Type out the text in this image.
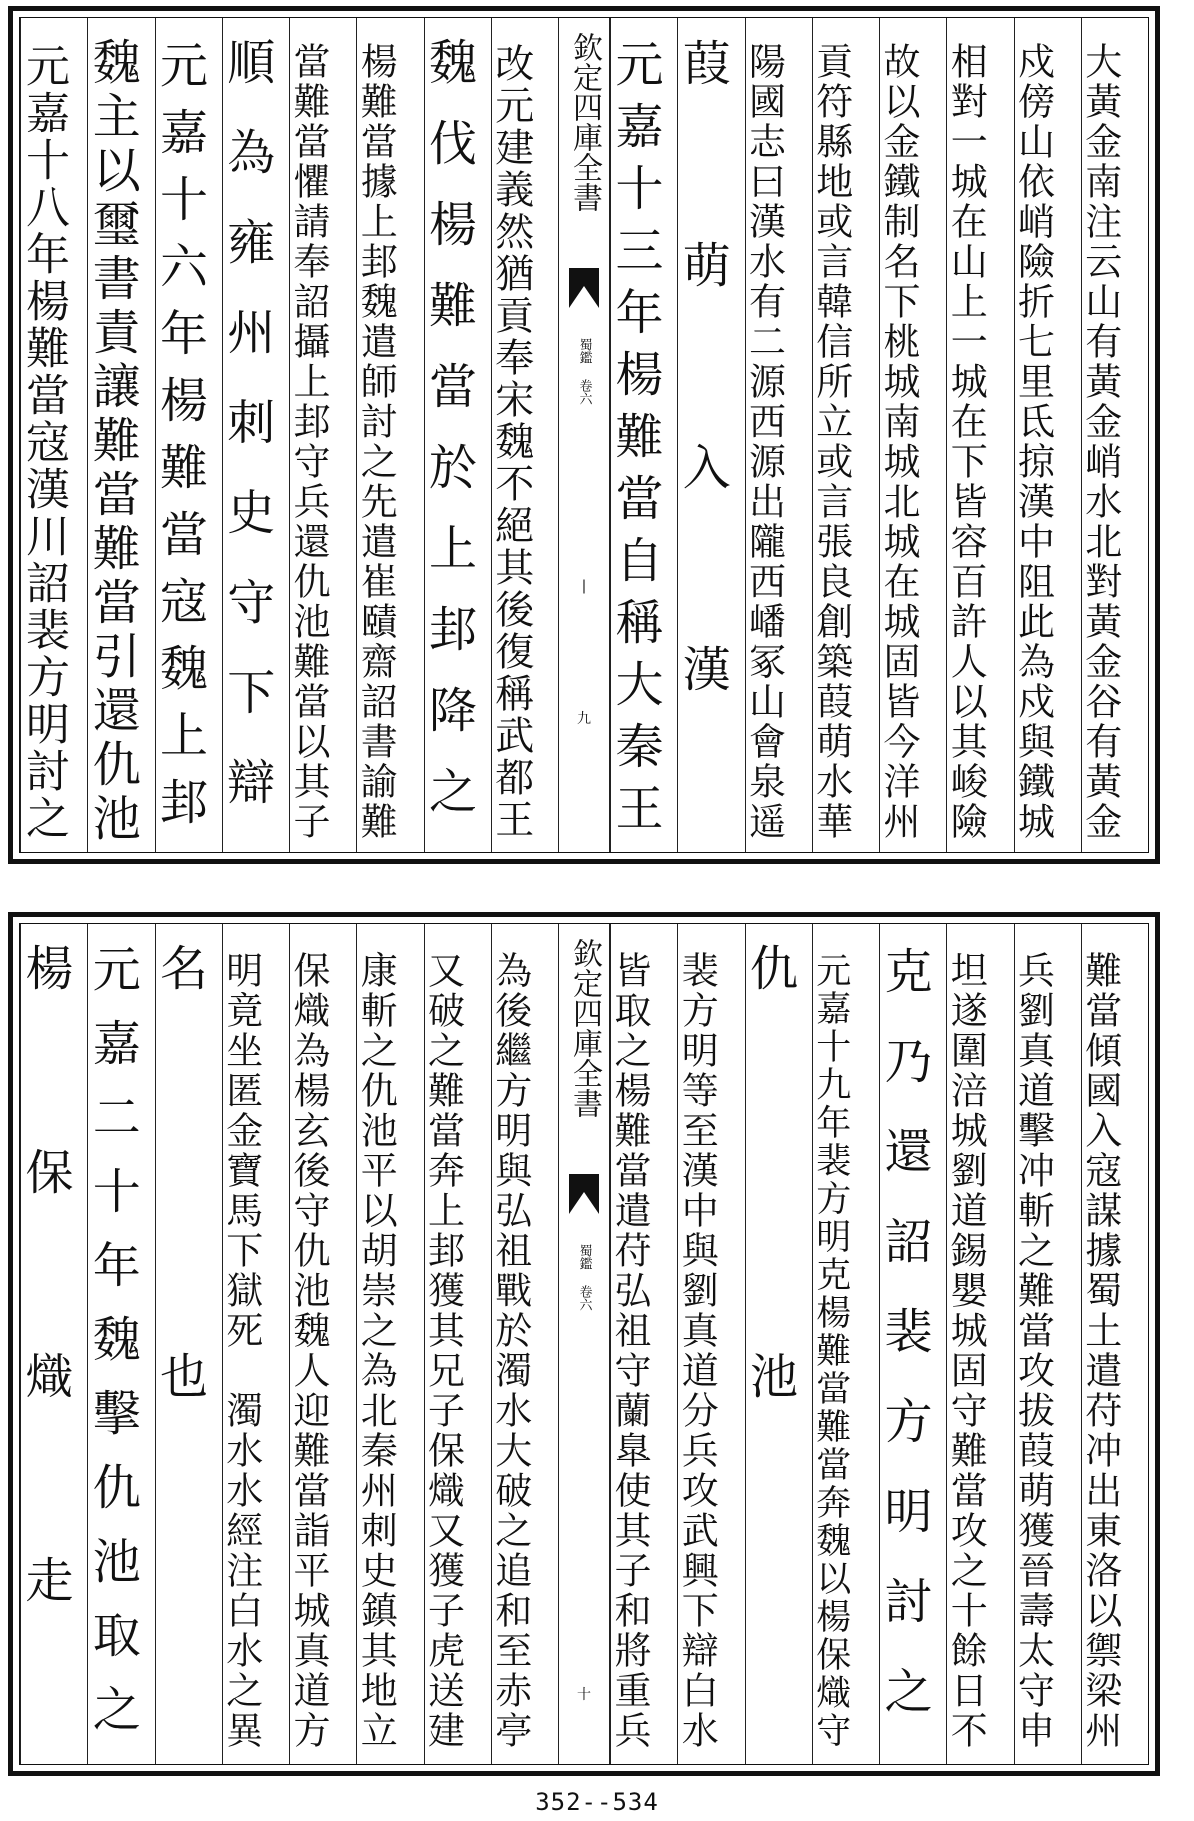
大黃金南注云山有黃金峭水北對黃金谷有黃金
戍傍山依峭險折七里氐掠漢中阻此為戍與鐵城
相對一城在山上一城在下皆容百許人以其峻險
故以金鐵制名下桃城南城北城在城固皆今洋州
貢符縣地或言韓信所立或言張良創築葭萌水華
陽國志曰漢水有二源西源出隴西嶓冢山會泉遥
葭萌入漢
元嘉十三年楊難當自稱大秦王
欽定四庫全書
蜀鑑 卷六
|
九
改元建義然猶貢奉宋魏不絕其後復稱武都王
魏伐楊難當於上邽降之
楊難當據上邽魏遣師討之先遣崔賾齋詔書諭難
當難當懼請奉詔攝上邽守兵還仇池難當以其子
順為雍州刺史守下辯
元嘉十六年楊難當寇魏上邽
魏主以璽書責讓難當難當引還仇池
元嘉十八年楊難當寇漢川詔裴方明討之
難當傾國入寇謀據蜀土遣苻冲出東洛以禦梁州
兵劉真道擊冲斬之難當攻拔葭萌獲晉壽太守申
坦遂圍涪城劉道錫嬰城固守難當攻之十餘日不
克乃還詔裴方明討之
元嘉十九年裴方明克楊難當難當奔魏以楊保熾守
仇池
裴方明等至漢中與劉真道分兵攻武興下辯白水
皆取之楊難當遣苻弘祖守蘭臯使其子和將重兵
欽定四庫全書
蜀鑑 卷六
十
為後繼方明與弘祖戰於濁水大破之追和至赤亭
又破之難當奔上邽獲其兄子保熾又獲子虎送建
康斬之仇池平以胡崇之為北秦州刺史鎮其地立
保熾為楊玄後守仇池魏人迎難當詣平城真道方
明竟坐匿金寶馬下獄死　濁水水經注白水之異
名也
元嘉二十年魏擊仇池取之
楊保熾走
352--534
